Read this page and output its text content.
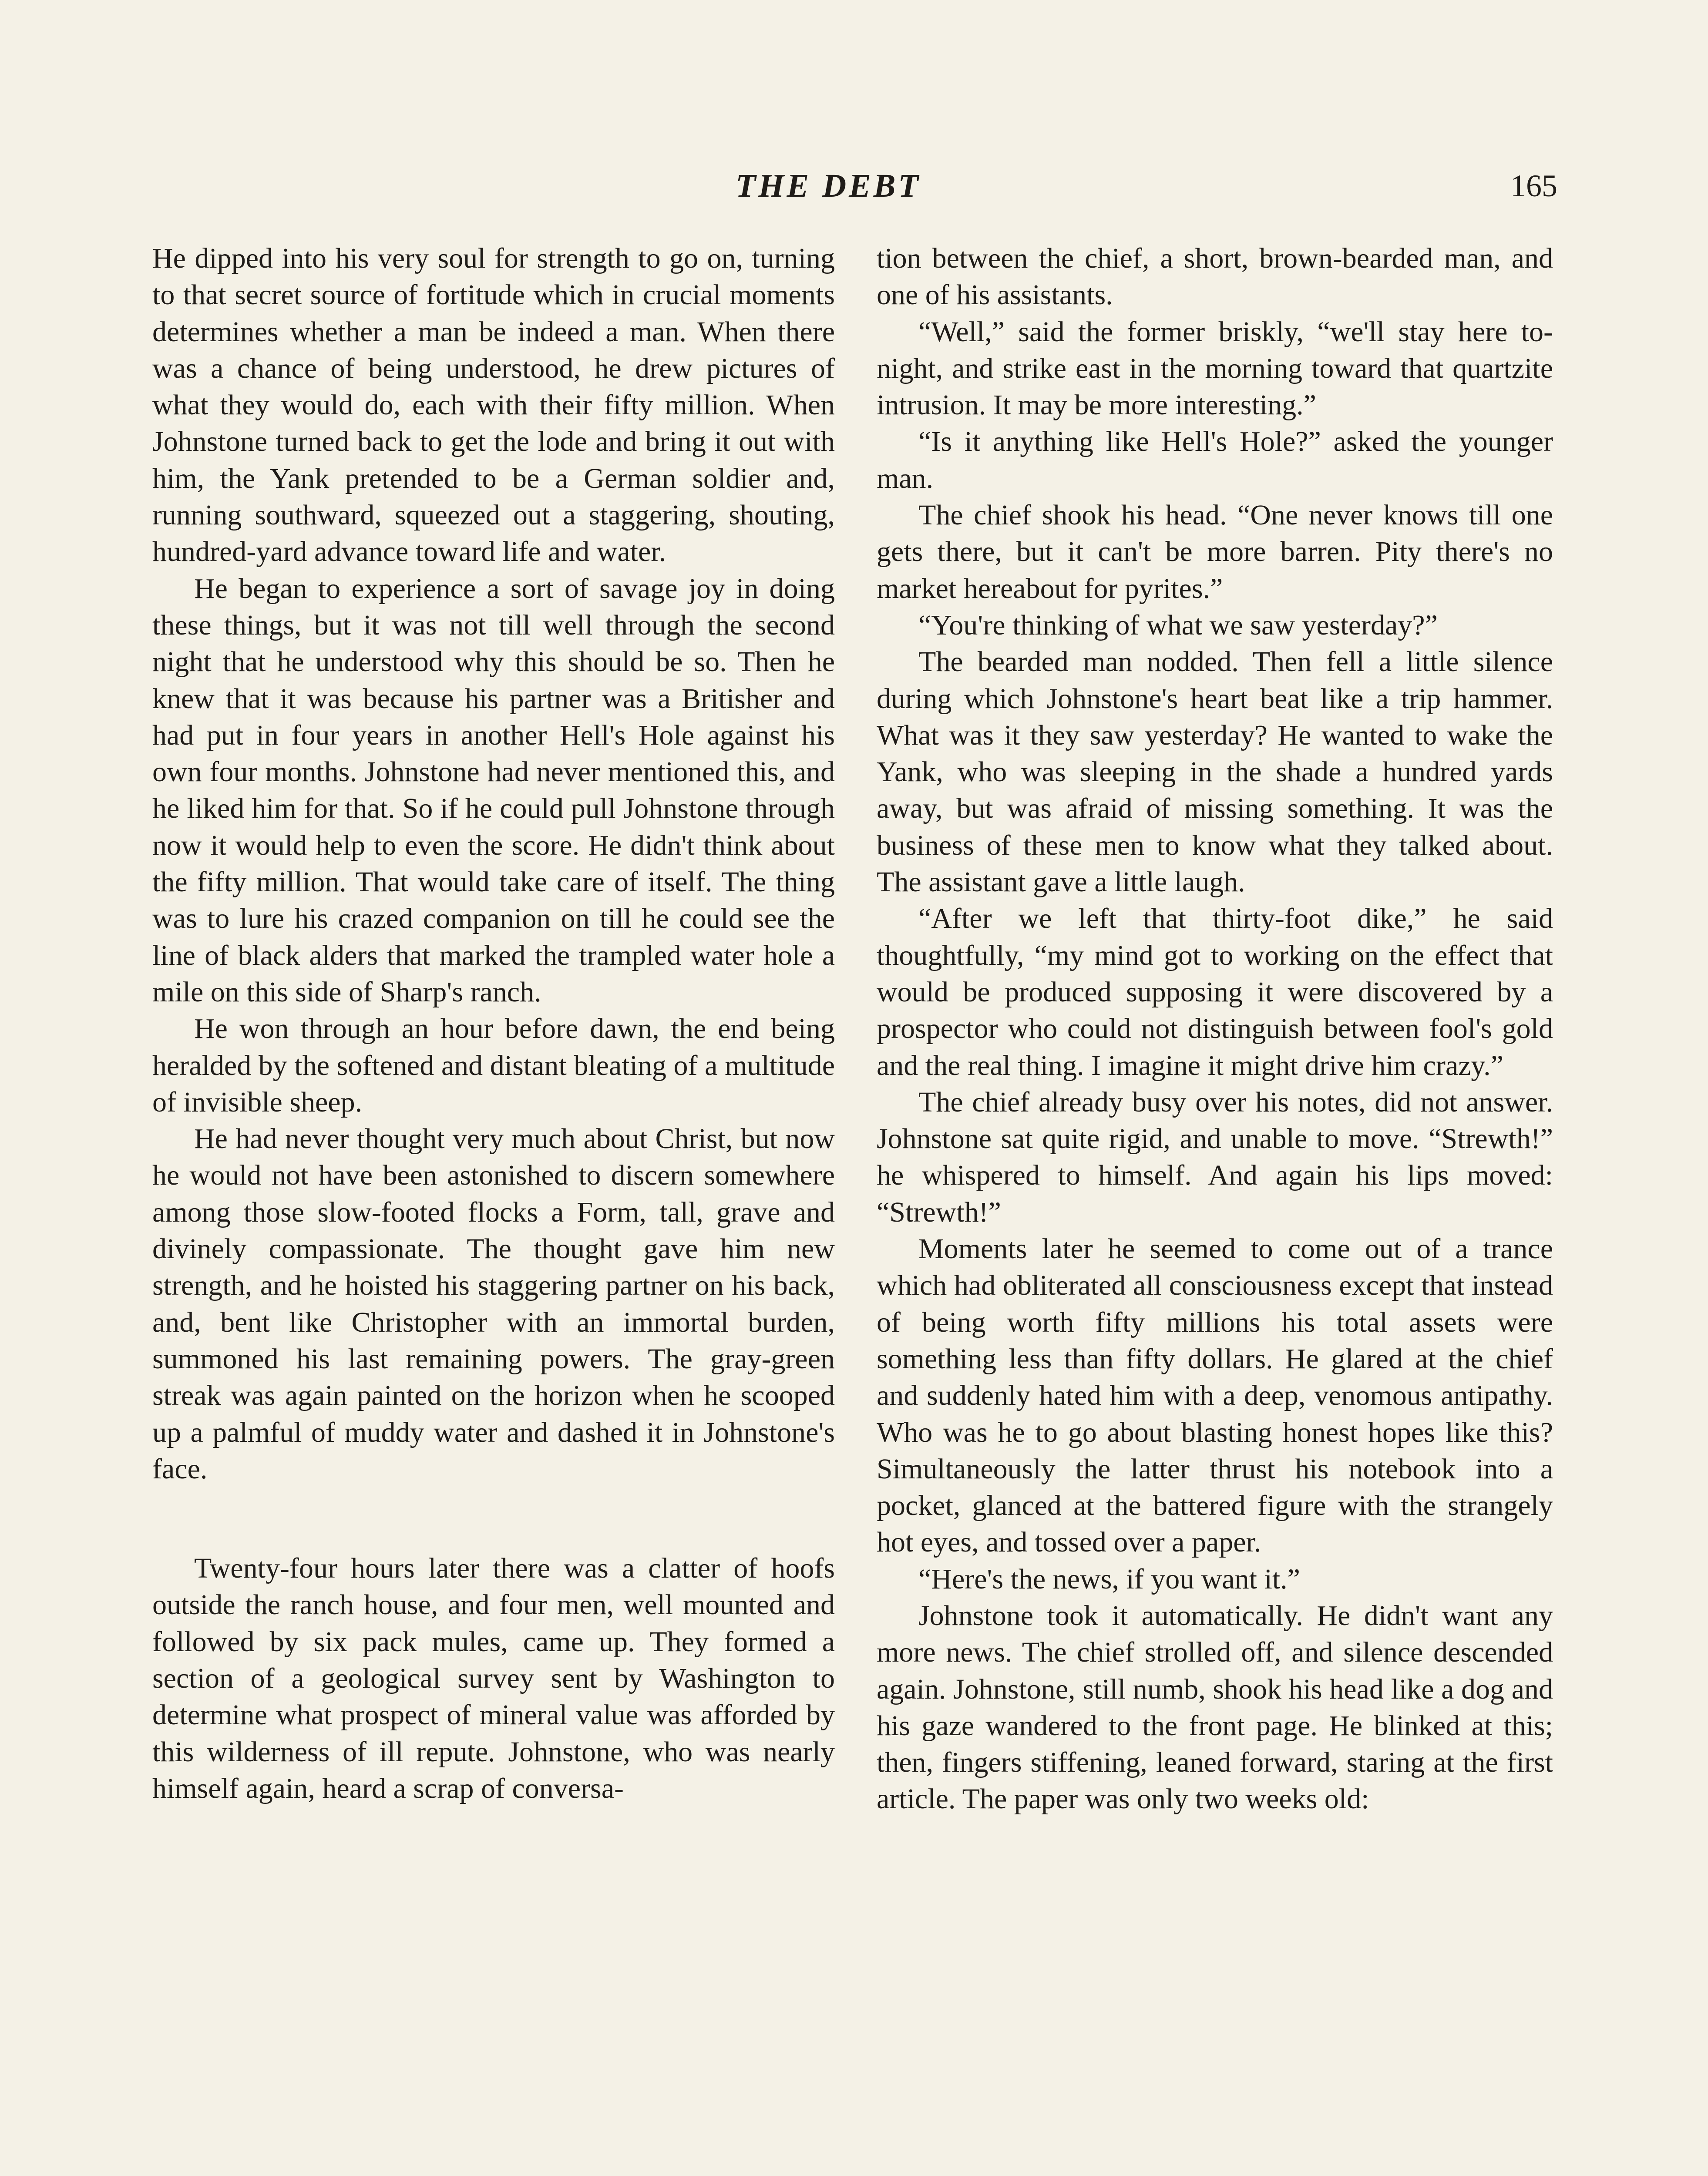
THE DEBT	165

He dipped into his very soul for strength to go on, turning to that secret source of fortitude which in crucial moments determines whether a man be indeed a man. When there was a chance of being understood, he drew pictures of what they would do, each with their fifty million. When Johnstone turned back to get the lode and bring it out with him, the Yank pretended to be a German soldier and, running southward, squeezed out a staggering, shouting, hundred-yard advance toward life and water.

He began to experience a sort of savage joy in doing these things, but it was not till well through the second night that he understood why this should be so. Then he knew that it was because his partner was a Britisher and had put in four years in another Hell's Hole against his own four months. Johnstone had never mentioned this, and he liked him for that. So if he could pull Johnstone through now it would help to even the score. He didn't think about the fifty million. That would take care of itself. The thing was to lure his crazed companion on till he could see the line of black alders that marked the trampled water hole a mile on this side of Sharp's ranch.

He won through an hour before dawn, the end being heralded by the softened and distant bleating of a multitude of invisible sheep.

He had never thought very much about Christ, but now he would not have been astonished to discern somewhere among those slow-footed flocks a Form, tall, grave and divinely compassionate. The thought gave him new strength, and he hoisted his staggering partner on his back, and, bent like Christopher with an immortal burden, summoned his last remaining powers. The gray-green streak was again painted on the horizon when he scooped up a palmful of muddy water and dashed it in Johnstone's face.

Twenty-four hours later there was a clatter of hoofs outside the ranch house, and four men, well mounted and followed by six pack mules, came up. They formed a section of a geological survey sent by Washington to determine what prospect of mineral value was afforded by this wilderness of ill repute. Johnstone, who was nearly himself again, heard a scrap of conversa-

tion between the chief, a short, brown-bearded man, and one of his assistants.

“Well,” said the former briskly, “we'll stay here to-night, and strike east in the morning toward that quartzite intrusion. It may be more interesting.”

“Is it anything like Hell's Hole?” asked the younger man.

The chief shook his head. “One never knows till one gets there, but it can't be more barren. Pity there's no market hereabout for pyrites.”

“You're thinking of what we saw yesterday?”

The bearded man nodded. Then fell a little silence during which Johnstone's heart beat like a trip hammer. What was it they saw yesterday? He wanted to wake the Yank, who was sleeping in the shade a hundred yards away, but was afraid of missing something. It was the business of these men to know what they talked about. The assistant gave a little laugh.

“After we left that thirty-foot dike,” he said thoughtfully, “my mind got to working on the effect that would be produced supposing it were discovered by a prospector who could not distinguish between fool's gold and the real thing. I imagine it might drive him crazy.”

The chief already busy over his notes, did not answer. Johnstone sat quite rigid, and unable to move. “Strewth!” he whispered to himself. And again his lips moved: “Strewth!”

Moments later he seemed to come out of a trance which had obliterated all consciousness except that instead of being worth fifty millions his total assets were something less than fifty dollars. He glared at the chief and suddenly hated him with a deep, venomous antipathy. Who was he to go about blasting honest hopes like this? Simultaneously the latter thrust his notebook into a pocket, glanced at the battered figure with the strangely hot eyes, and tossed over a paper.

“Here's the news, if you want it.”

Johnstone took it automatically. He didn't want any more news. The chief strolled off, and silence descended again. Johnstone, still numb, shook his head like a dog and his gaze wandered to the front page. He blinked at this; then, fingers stiffening, leaned forward, staring at the first article. The paper was only two weeks old:
